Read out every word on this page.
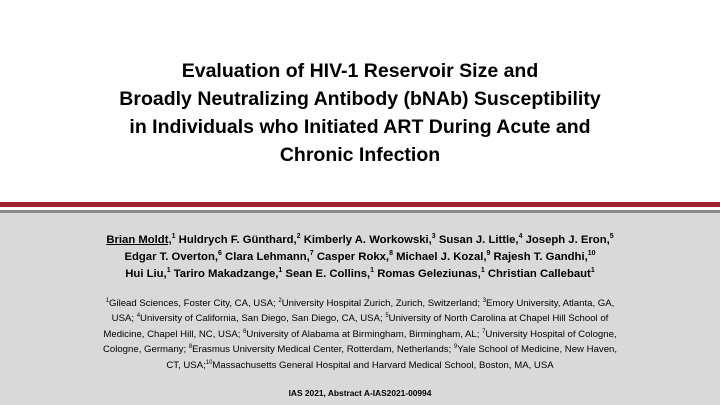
Evaluation of HIV-1 Reservoir Size and
Broadly Neutralizing Antibody (bNAb) Susceptibility
in Individuals who Initiated ART During Acute and
Chronic Infection
Brian Moldt,$^1$ Huldrych F. Günthard,$^2$ Kimberly A. Workowski,$^3$ Susan J. Little,$^4$ Joseph J. Eron,$^5$
Edgar T. Overton,$^6$ Clara Lehmann,$^7$ Casper Rokx,$^8$ Michael J. Kozal,$^9$ Rajesh T. Gandhi,$^{10}$
Hui Liu,$^1$ Tariro Makadzange,$^1$ Sean E. Collins,$^1$ Romas Geleziunas,$^1$ Christian Callebaut$^1$
$^1$Gilead Sciences, Foster City, CA, USA; $^2$University Hospital Zurich, Zurich, Switzerland; $^3$Emory University, Atlanta, GA,
USA; $^4$University of California, San Diego, San Diego, CA, USA; $^5$University of North Carolina at Chapel Hill School of
Medicine, Chapel Hill, NC, USA; $^6$University of Alabama at Birmingham, Birmingham, AL; $^7$University Hospital of Cologne,
Cologne, Germany; $^8$Erasmus University Medical Center, Rotterdam, Netherlands; $^9$Yale School of Medicine, New Haven,
CT, USA;$^{10}$Massachusetts General Hospital and Harvard Medical School, Boston, MA, USA
IAS 2021, Abstract A-IAS2021-00994
